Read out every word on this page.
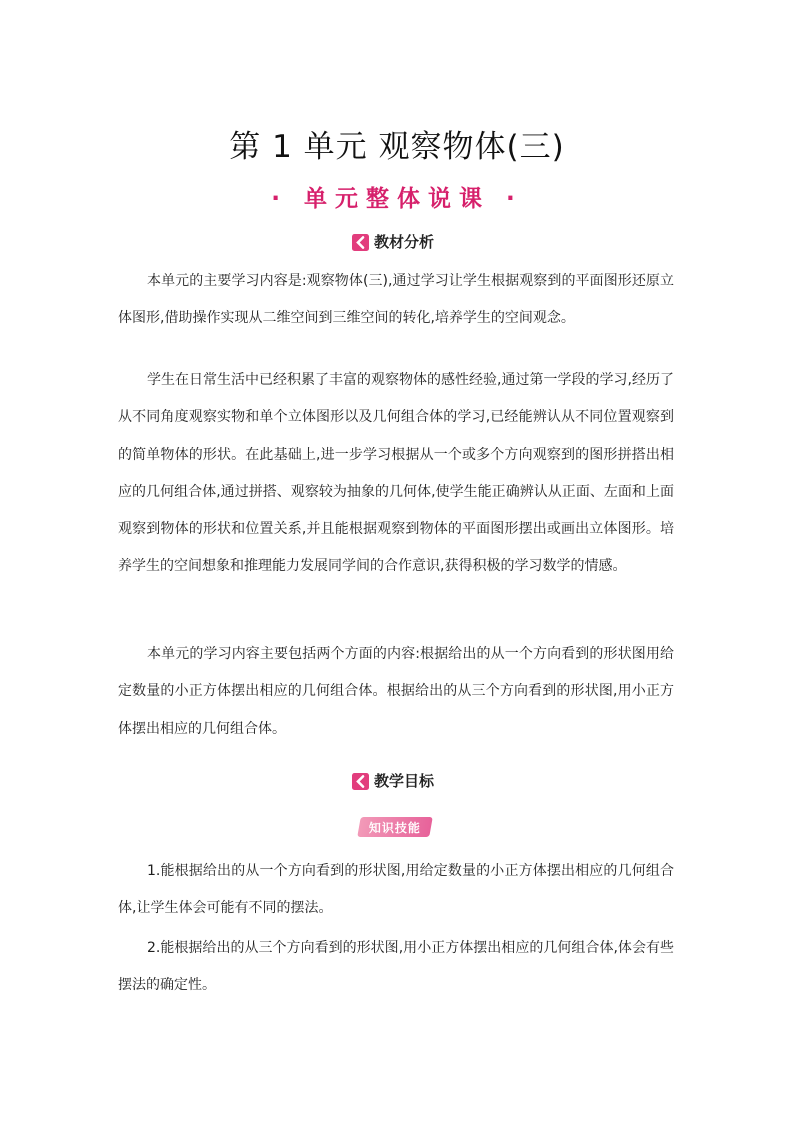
第 1 单元 观察物体(三)
· 单元整体说课 ·
教材分析

本单元的主要学习内容是:观察物体(三),通过学习让学生根据观察到的平面图形还原立体图形,借助操作实现从二维空间到三维空间的转化,培养学生的空间观念。

学生在日常生活中已经积累了丰富的观察物体的感性经验,通过第一学段的学习,经历了从不同角度观察实物和单个立体图形以及几何组合体的学习,已经能辨认从不同位置观察到的简单物体的形状。在此基础上,进一步学习根据从一个或多个方向观察到的图形拼搭出相应的几何组合体,通过拼搭、观察较为抽象的几何体,使学生能正确辨认从正面、左面和上面观察到物体的形状和位置关系,并且能根据观察到物体的平面图形摆出或画出立体图形。培养学生的空间想象和推理能力发展同学间的合作意识,获得积极的学习数学的情感。

本单元的学习内容主要包括两个方面的内容:根据给出的从一个方向看到的形状图用给定数量的小正方体摆出相应的几何组合体。根据给出的从三个方向看到的形状图,用小正方体摆出相应的几何组合体。

教学目标
知识技能

1.能根据给出的从一个方向看到的形状图,用给定数量的小正方体摆出相应的几何组合体,让学生体会可能有不同的摆法。

2.能根据给出的从三个方向看到的形状图,用小正方体摆出相应的几何组合体,体会有些摆法的确定性。
